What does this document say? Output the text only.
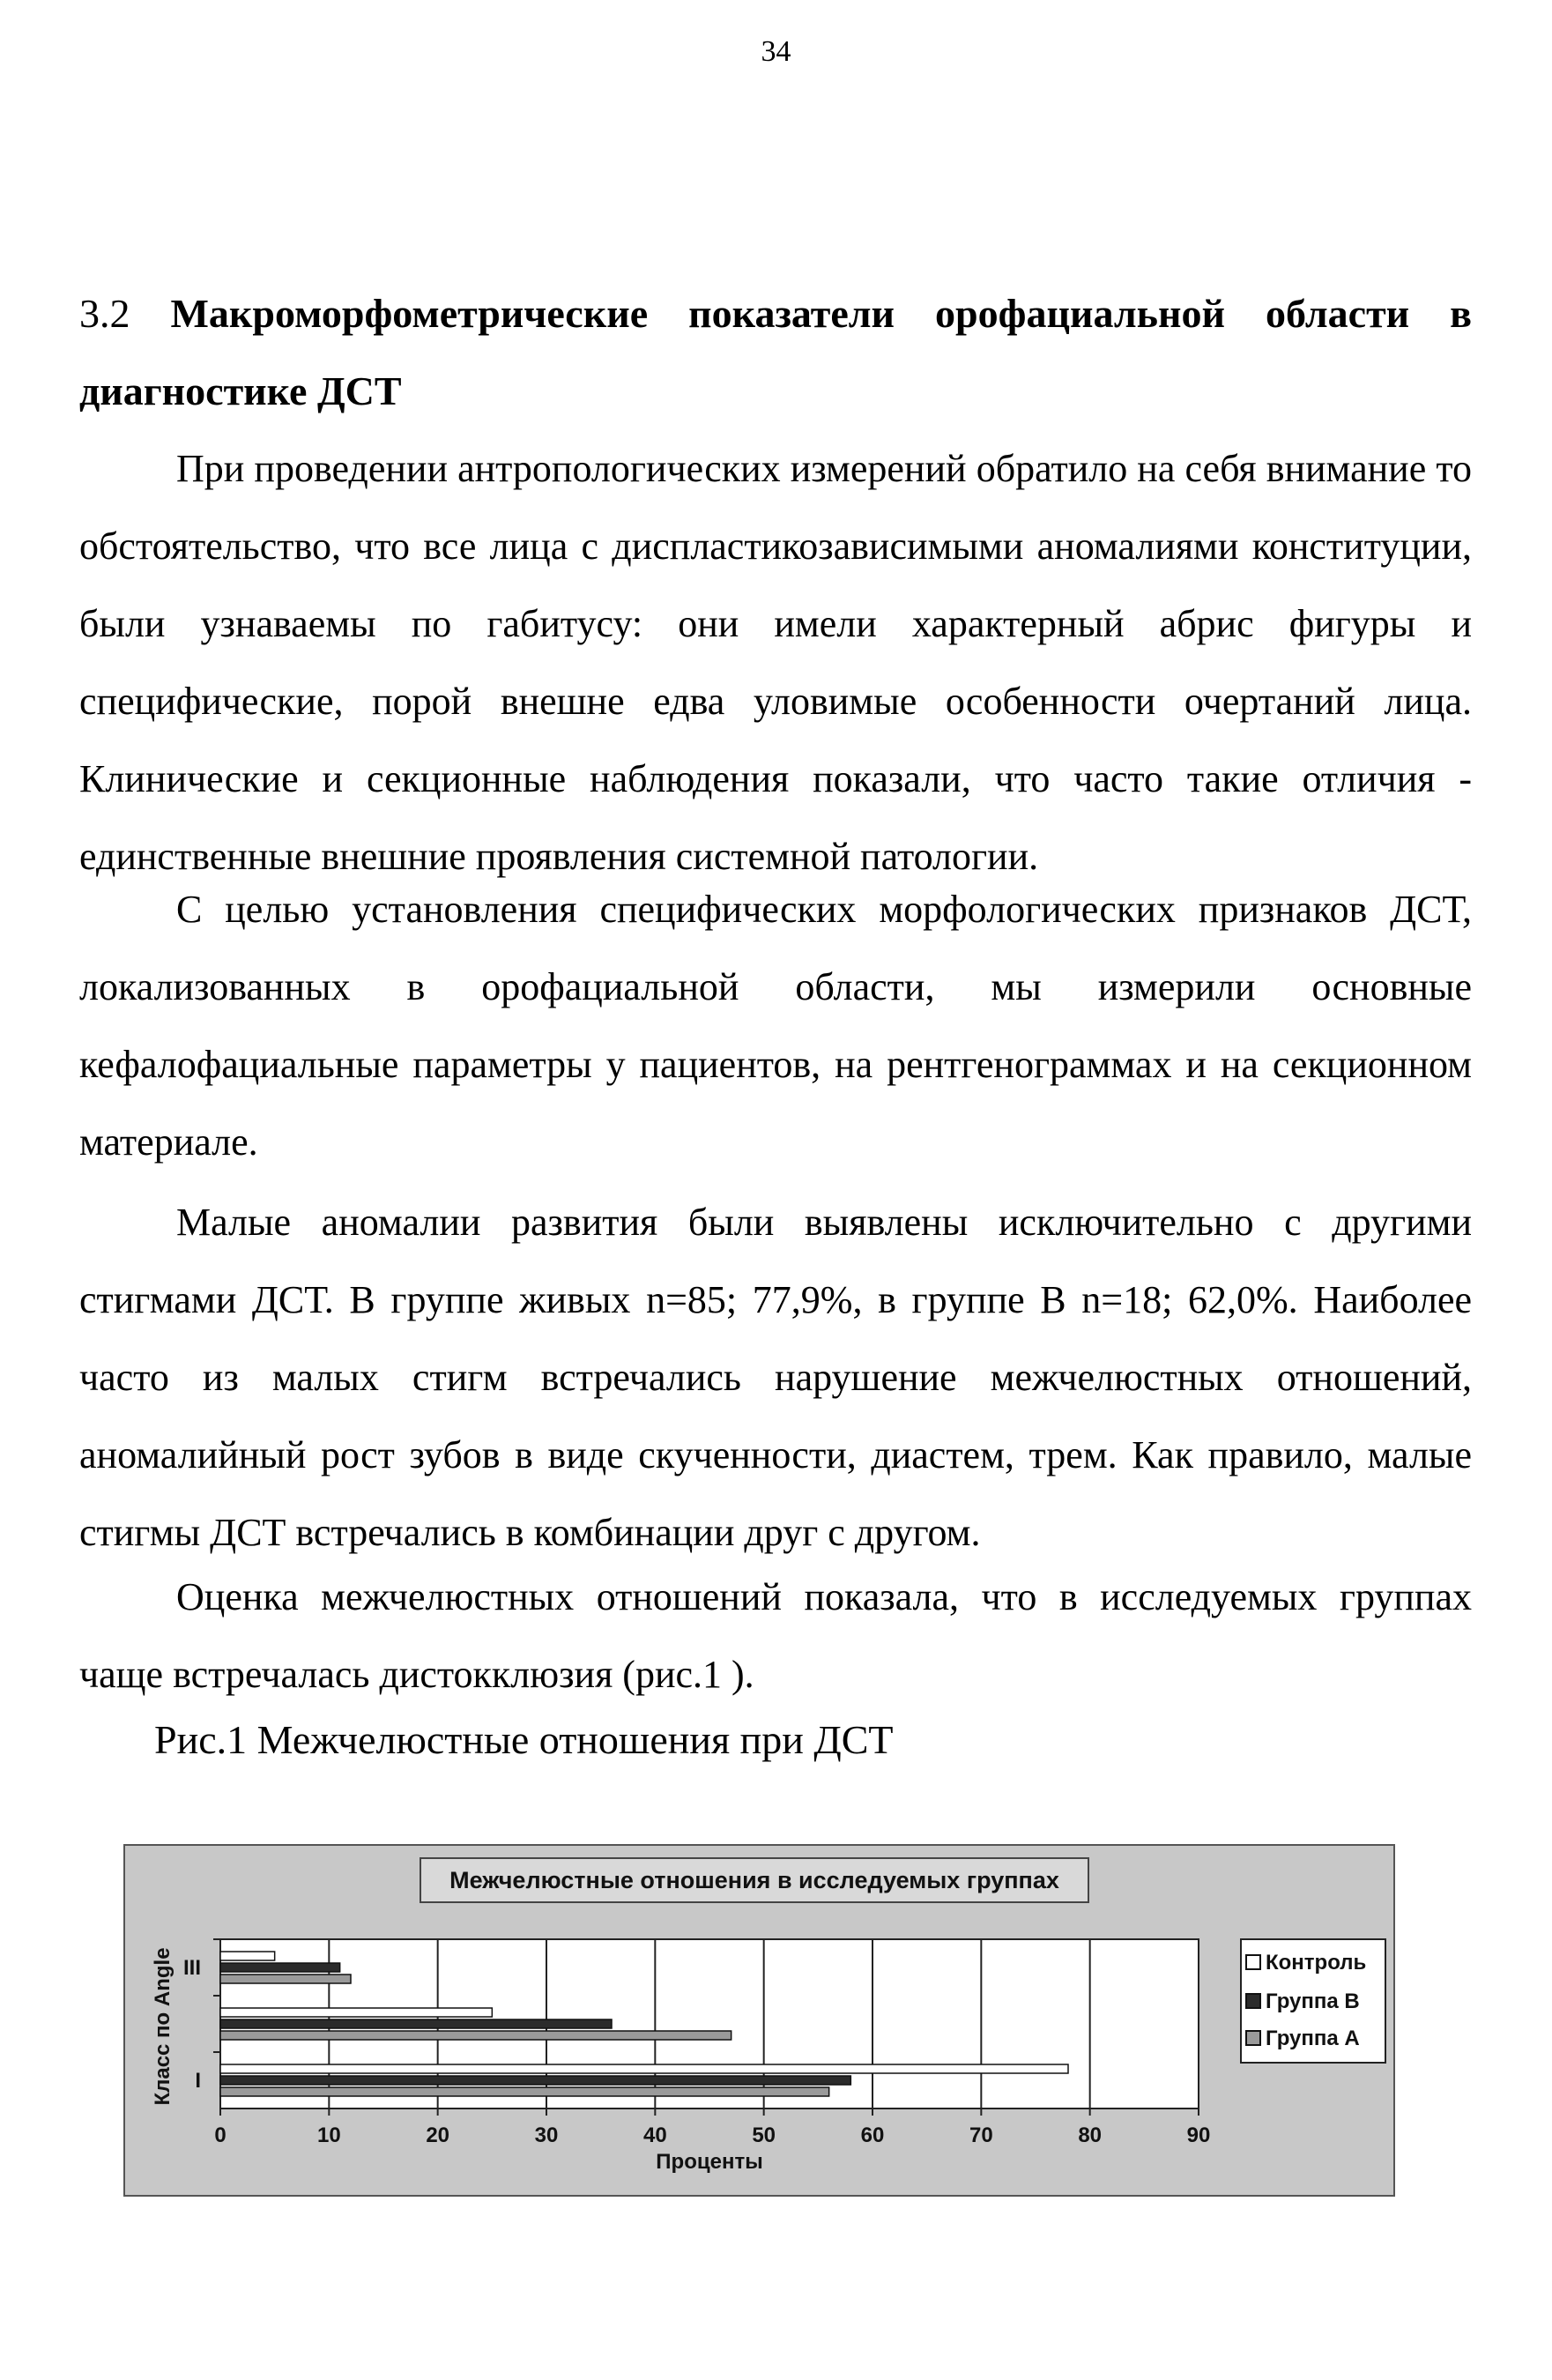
34
3.2 Макроморфометрические показатели орофациальной области в диагностике ДСТ

При проведении антропологических измерений обратило на себя внимание то обстоятельство, что все лица с диспластикозависимыми аномалиями конституции, были узнаваемы по габитусу: они имели характерный абрис фигуры и специфические, порой внешне едва уловимые особенности очертаний лица. Клинические и секционные наблюдения показали, что часто такие отличия - единственные внешние проявления системной патологии.

С целью установления специфических морфологических признаков ДСТ, локализованных в орофациальной области, мы измерили основные кефалофациальные параметры у пациентов, на рентгенограммах и на секционном материале.

Малые аномалии развития были выявлены исключительно с другими стигмами ДСТ. В группе живых n=85; 77,9%, в группе В n=18; 62,0%. Наиболее часто из малых стигм встречались нарушение межчелюстных отношений, аномалийный рост зубов в виде скученности, диастем, трем. Как правило, малые стигмы ДСТ встречались в комбинации друг с другом.

Оценка межчелюстных отношений показала, что в исследуемых группах чаще встречалась дистокклюзия (рис.1 ).

Рис.1 Межчелюстные отношения при ДСТ
Межчелюстные отношения в исследуемых группах
0	10	20	30	40	50	60	70	80	90
I
III
Проценты
Класс по Angle	Контроль
Группа B
Группа А
